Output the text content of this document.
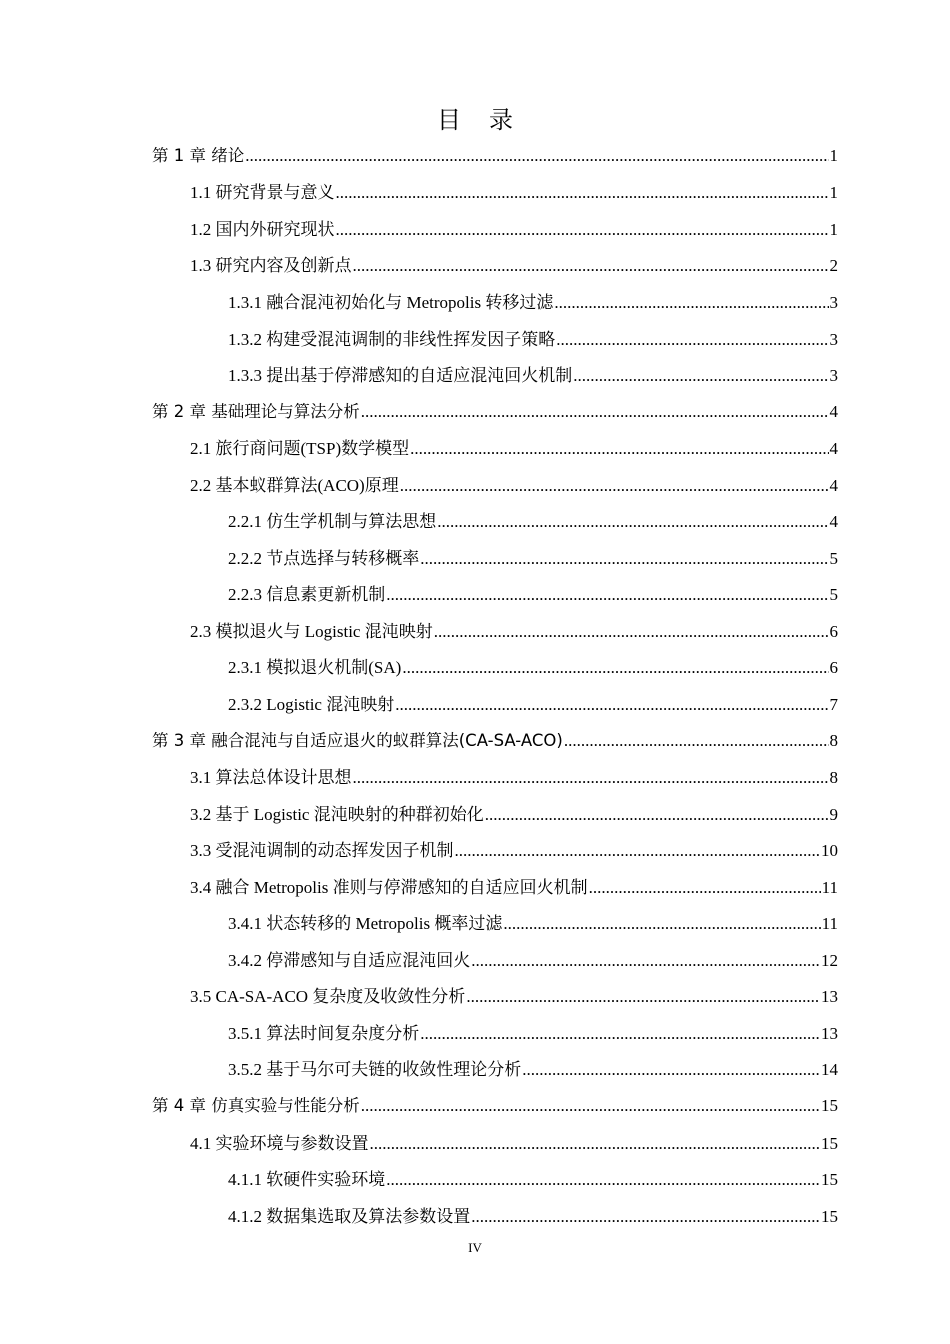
目 录
第 1 章 绪论 .....	1
1.1 研究背景与意义 .....	1
1.2 国内外研究现状 .....	1
1.3 研究内容及创新点 .....	2
1.3.1 融合混沌初始化与 Metropolis 转移过滤 .....	3
1.3.2 构建受混沌调制的非线性挥发因子策略 .....	3
1.3.3 提出基于停滞感知的自适应混沌回火机制 .....	3
第 2 章 基础理论与算法分析 .....	4
2.1 旅行商问题(TSP)数学模型 .....	4
2.2 基本蚁群算法(ACO)原理 .....	4
2.2.1 仿生学机制与算法思想 .....	4
2.2.2 节点选择与转移概率 .....	5
2.2.3 信息素更新机制 .....	5
2.3 模拟退火与 Logistic 混沌映射 .....	6
2.3.1 模拟退火机制(SA) .....	6
2.3.2 Logistic 混沌映射 .....	7
第 3 章 融合混沌与自适应退火的蚁群算法(CA-SA-ACO) .....	8
3.1 算法总体设计思想 .....	8
3.2 基于 Logistic 混沌映射的种群初始化 .....	9
3.3 受混沌调制的动态挥发因子机制 .....	10
3.4 融合 Metropolis 准则与停滞感知的自适应回火机制 .....	11
3.4.1 状态转移的 Metropolis 概率过滤 .....	11
3.4.2 停滞感知与自适应混沌回火 .....	12
3.5 CA-SA-ACO 复杂度及收敛性分析 .....	13
3.5.1 算法时间复杂度分析 .....	13
3.5.2 基于马尔可夫链的收敛性理论分析 .....	14
第 4 章 仿真实验与性能分析 .....	15
4.1 实验环境与参数设置 .....	15
4.1.1 软硬件实验环境 .....	15
4.1.2 数据集选取及算法参数设置 .....	15
IV
